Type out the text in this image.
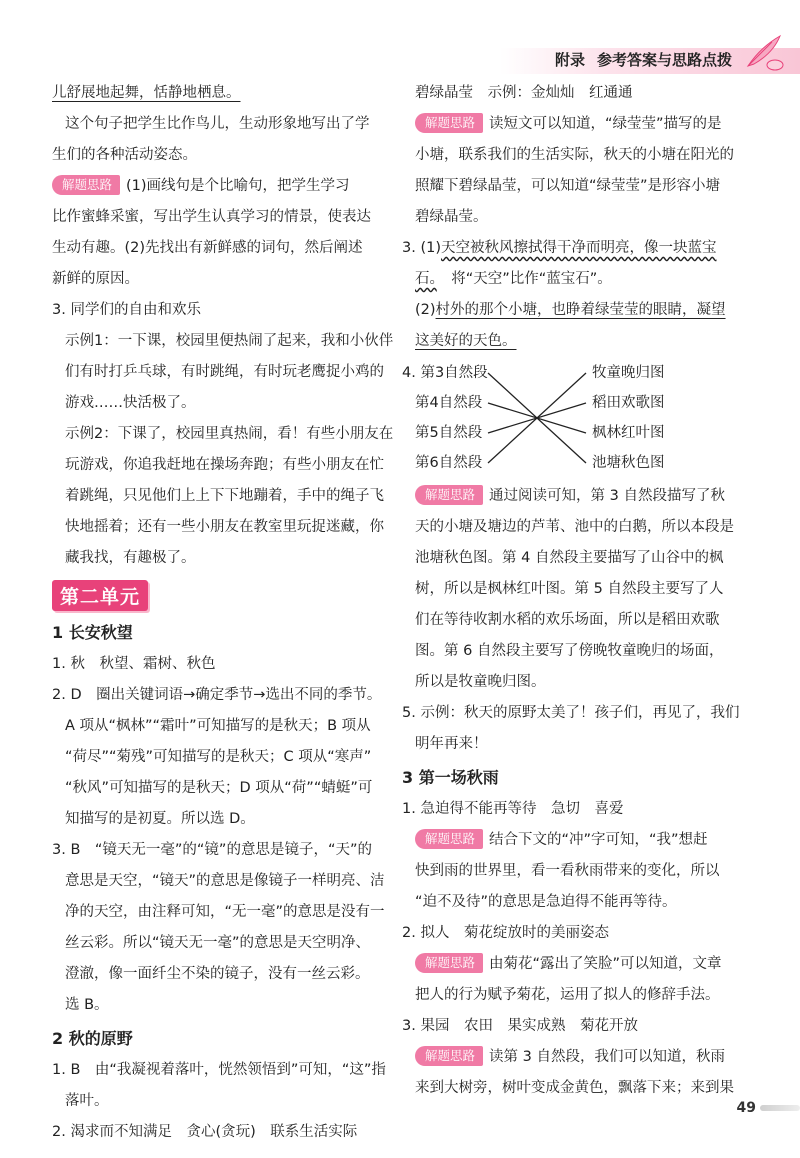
附录 参考答案与思路点拨

儿舒展地起舞，恬静地栖息。

这个句子把学生比作鸟儿，生动形象地写出了学

生们的各种活动姿态。

解题思路 (1)画线句是个比喻句，把学生学习

比作蜜蜂采蜜，写出学生认真学习的情景，使表达

生动有趣。(2)先找出有新鲜感的词句，然后阐述

新鲜的原因。

3. 同学们的自由和欢乐

示例1：一下课，校园里便热闹了起来，我和小伙伴

们有时打乒乓球，有时跳绳，有时玩老鹰捉小鸡的

游戏……快活极了。

示例2：下课了，校园里真热闹，看！有些小朋友在

玩游戏，你追我赶地在操场奔跑；有些小朋友在忙

着跳绳，只见他们上上下下地蹦着，手中的绳子飞

快地摇着；还有一些小朋友在教室里玩捉迷藏，你

藏我找，有趣极了。

第二单元

1 长安秋望

1. 秋　秋望、霜树、秋色

2. D　圈出关键词语→确定季节→选出不同的季节。

A 项从“枫林”“霜叶”可知描写的是秋天；B 项从

“荷尽”“菊残”可知描写的是秋天；C 项从“寒声”

“秋风”可知描写的是秋天；D 项从“荷”“蜻蜓”可

知描写的是初夏。所以选 D。

3. B　“镜天无一毫”的“镜”的意思是镜子，“天”的

意思是天空，“镜天”的意思是像镜子一样明亮、洁

净的天空，由注释可知，“无一毫”的意思是没有一

丝云彩。所以“镜天无一毫”的意思是天空明净、

澄澈，像一面纤尘不染的镜子，没有一丝云彩。

选 B。

2 秋的原野

1. B　由“我凝视着落叶，恍然领悟到”可知，“这”指

落叶。

2. 渴求而不知满足　贪心(贪玩)　联系生活实际

碧绿晶莹　示例：金灿灿　红通通

解题思路 读短文可以知道，“绿莹莹”描写的是

小塘，联系我们的生活实际，秋天的小塘在阳光的

照耀下碧绿晶莹，可以知道“绿莹莹”是形容小塘

碧绿晶莹。

3. (1)天空被秋风擦拭得干净而明亮，像一块蓝宝

石。　将“天空”比作“蓝宝石”。

(2)村外的那个小塘，也睁着绿莹莹的眼睛，凝望

这美好的天色。

4. 第3自然段
第4自然段
第5自然段
第6自然段
牧童晚归图
稻田欢歌图
枫林红叶图
池塘秋色图

解题思路 通过阅读可知，第 3 自然段描写了秋

天的小塘及塘边的芦苇、池中的白鹅，所以本段是

池塘秋色图。第 4 自然段主要描写了山谷中的枫

树，所以是枫林红叶图。第 5 自然段主要写了人

们在等待收割水稻的欢乐场面，所以是稻田欢歌

图。第 6 自然段主要写了傍晚牧童晚归的场面，

所以是牧童晚归图。

5. 示例：秋天的原野太美了！孩子们，再见了，我们

明年再来！

3 第一场秋雨

1. 急迫得不能再等待　急切　喜爱

解题思路 结合下文的“冲”字可知，“我”想赶

快到雨的世界里，看一看秋雨带来的变化，所以

“迫不及待”的意思是急迫得不能再等待。

2. 拟人　菊花绽放时的美丽姿态

解题思路 由菊花“露出了笑脸”可以知道，文章

把人的行为赋予菊花，运用了拟人的修辞手法。

3. 果园　农田　果实成熟　菊花开放

解题思路 读第 3 自然段，我们可以知道，秋雨

来到大树旁，树叶变成金黄色，飘落下来；来到果

49
